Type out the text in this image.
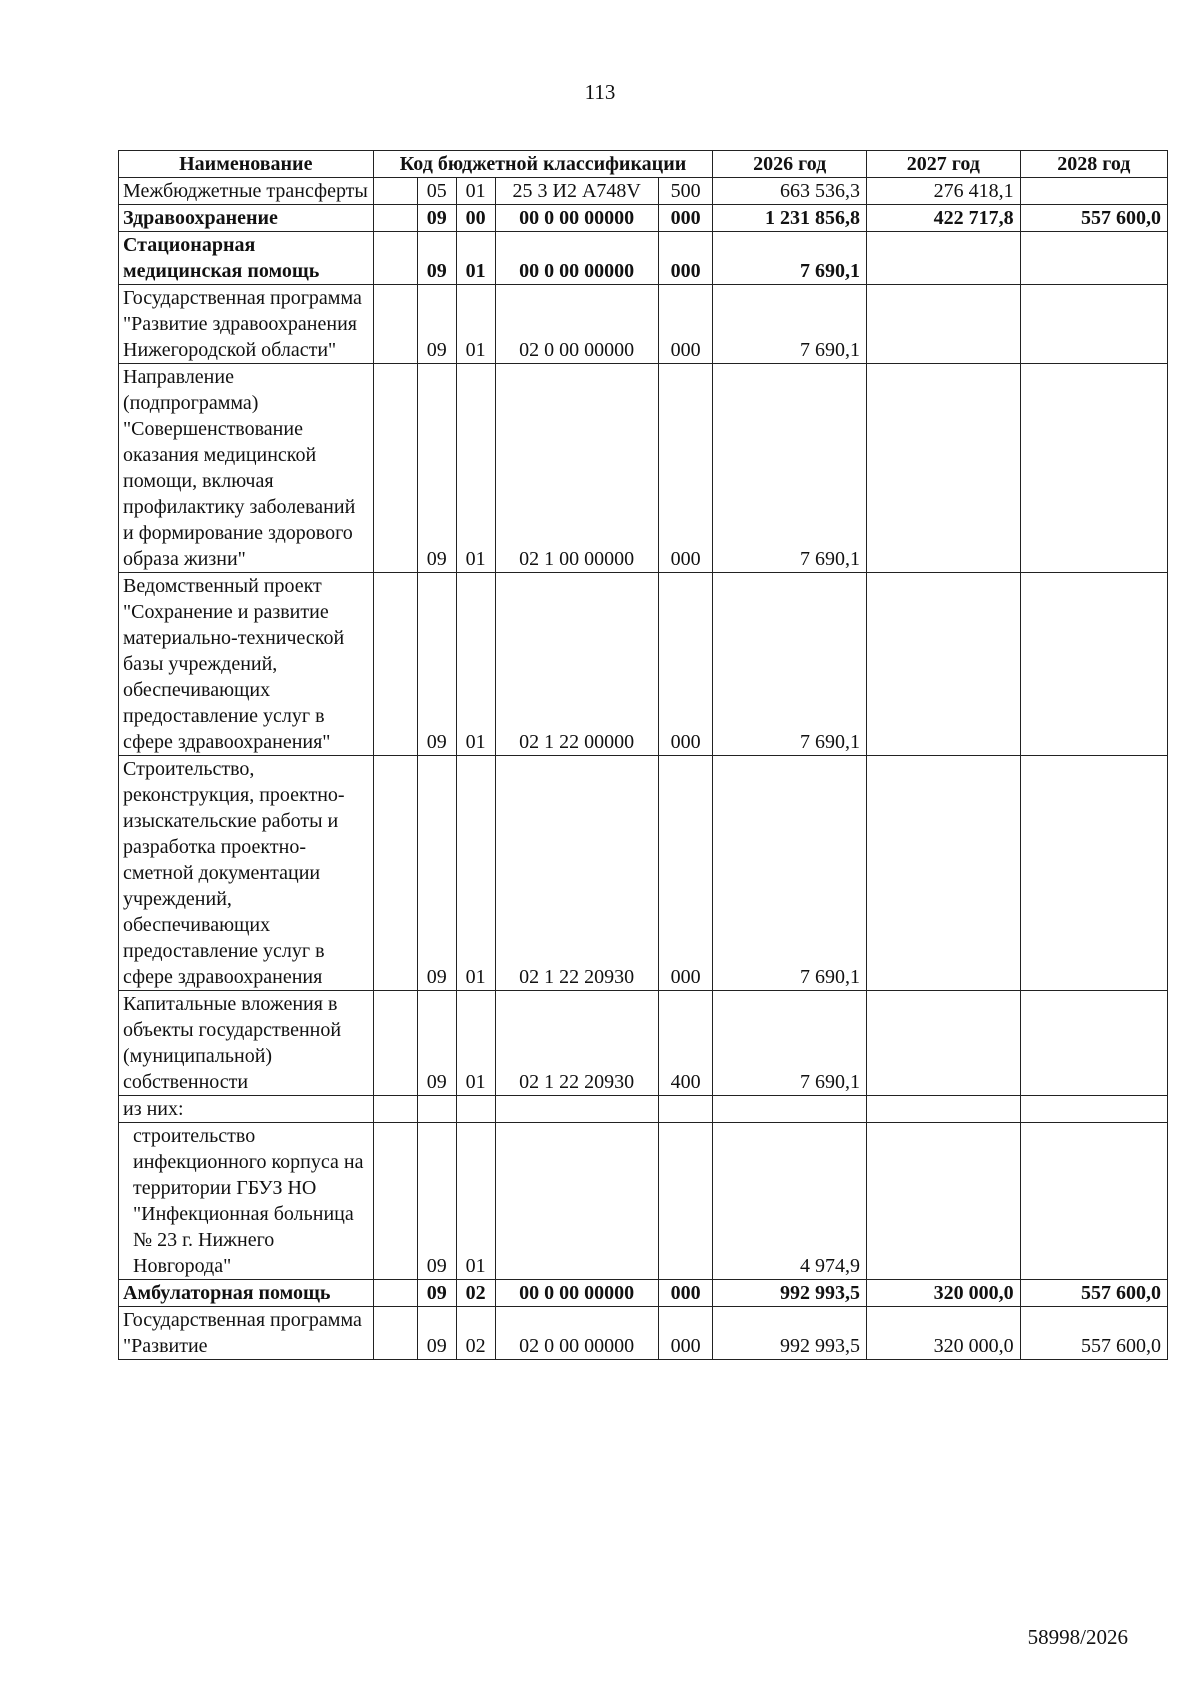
113
Наименование	Код бюджетной классификации					2026 год	2027 год	2028 год
Межбюджетные трансферты		05	01	25 3 И2 А748V	500	663 536,3	276 418,1	
Здравоохранение		09	00	00 0 00 00000	000	1 231 856,8	422 717,8	557 600,0
Стационарная медицинская помощь		09	01	00 0 00 00000	000	7 690,1		
Государственная программа "Развитие здравоохранения Нижегородской области"		09	01	02 0 00 00000	000	7 690,1		
Направление (подпрограмма) "Совершенствование оказания медицинской помощи, включая профилактику заболеваний и формирование здорового образа жизни"		09	01	02 1 00 00000	000	7 690,1		
Ведомственный проект "Сохранение и развитие материально-технической базы учреждений, обеспечивающих предоставление услуг в сфере здравоохранения"		09	01	02 1 22 00000	000	7 690,1		
Строительство, реконструкция, проектно-изыскательские работы и разработка проектно-сметной документации учреждений, обеспечивающих предоставление услуг в сфере здравоохранения		09	01	02 1 22 20930	000	7 690,1		
Капитальные вложения в объекты государственной (муниципальной) собственности		09	01	02 1 22 20930	400	7 690,1		
из них:								
строительство инфекционного корпуса на территории ГБУЗ НО "Инфекционная больница № 23 г. Нижнего Новгорода"		09	01			4 974,9		
Амбулаторная помощь		09	02	00 0 00 00000	000	992 993,5	320 000,0	557 600,0
Государственная программа "Развитие		09	02	02 0 00 00000	000	992 993,5	320 000,0	557 600,0
58998/2026
